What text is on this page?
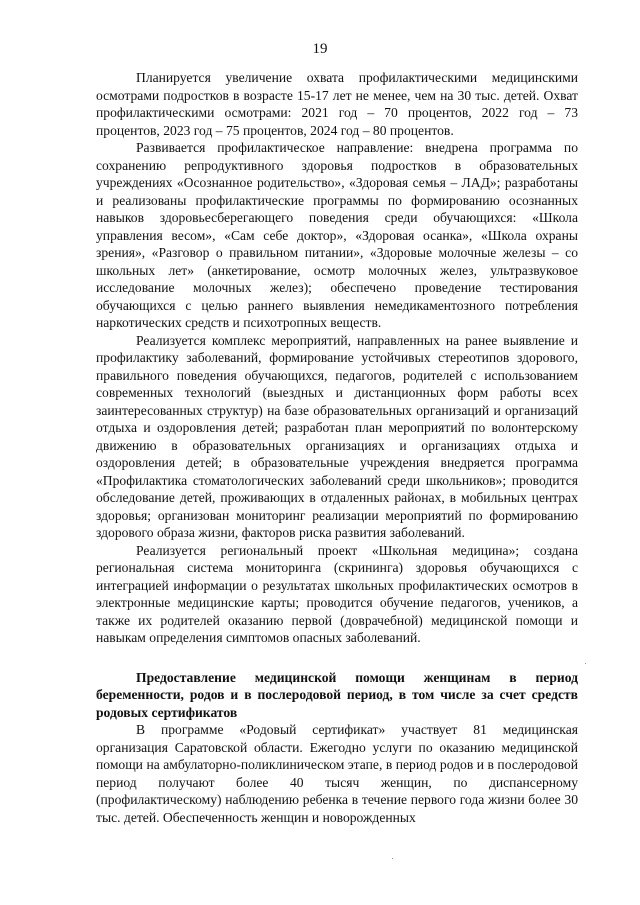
19

Планируется увеличение охвата профилактическими медицинскими осмотрами подростков в возрасте 15-17 лет не менее, чем на 30 тыс. детей. Охват профилактическими осмотрами: 2021 год – 70 процентов, 2022 год – 73 процентов, 2023 год – 75 процентов, 2024 год – 80 процентов.

Развивается профилактическое направление: внедрена программа по сохранению репродуктивного здоровья подростков в образовательных учреждениях «Осознанное родительство», «Здоровая семья – ЛАД»; разработаны и реализованы профилактические программы по формированию осознанных навыков здоровьесберегающего поведения среди обучающихся: «Школа управления весом», «Сам себе доктор», «Здоровая осанка», «Школа охраны зрения», «Разговор о правильном питании», «Здоровые молочные железы – со школьных лет» (анкетирование, осмотр молочных желез, ультразвуковое исследование молочных желез); обеспечено проведение тестирования обучающихся с целью раннего выявления немедикаментозного потребления наркотических средств и психотропных веществ.

Реализуется комплекс мероприятий, направленных на ранее выявление и профилактику заболеваний, формирование устойчивых стереотипов здорового, правильного поведения обучающихся, педагогов, родителей с использованием современных технологий (выездных и дистанционных форм работы всех заинтересованных структур) на базе образовательных организаций и организаций отдыха и оздоровления детей; разработан план мероприятий по волонтерскому движению в образовательных организациях и организациях отдыха и оздоровления детей; в образовательные учреждения внедряется программа «Профилактика стоматологических заболеваний среди школьников»; проводится обследование детей, проживающих в отдаленных районах, в мобильных центрах здоровья; организован мониторинг реализации мероприятий по формированию здорового образа жизни, факторов риска развития заболеваний.

Реализуется региональный проект «Школьная медицина»; создана региональная система мониторинга (скрининга) здоровья обучающихся с интеграцией информации о результатах школьных профилактических осмотров в электронные медицинские карты; проводится обучение педагогов, учеников, а также их родителей оказанию первой (доврачебной) медицинской помощи и навыкам определения симптомов опасных заболеваний.

Предоставление медицинской помощи женщинам в период беременности, родов и в послеродовой период, в том числе за счет средств родовых сертификатов

В программе «Родовый сертификат» участвует 81 медицинская организация Саратовской области. Ежегодно услуги по оказанию медицинской помощи на амбулаторно-поликлиническом этапе, в период родов и в послеродовой период получают более 40 тысяч женщин, по диспансерному (профилактическому) наблюдению ребенка в течение первого года жизни более 30 тыс. детей. Обеспеченность женщин и новорожденных
